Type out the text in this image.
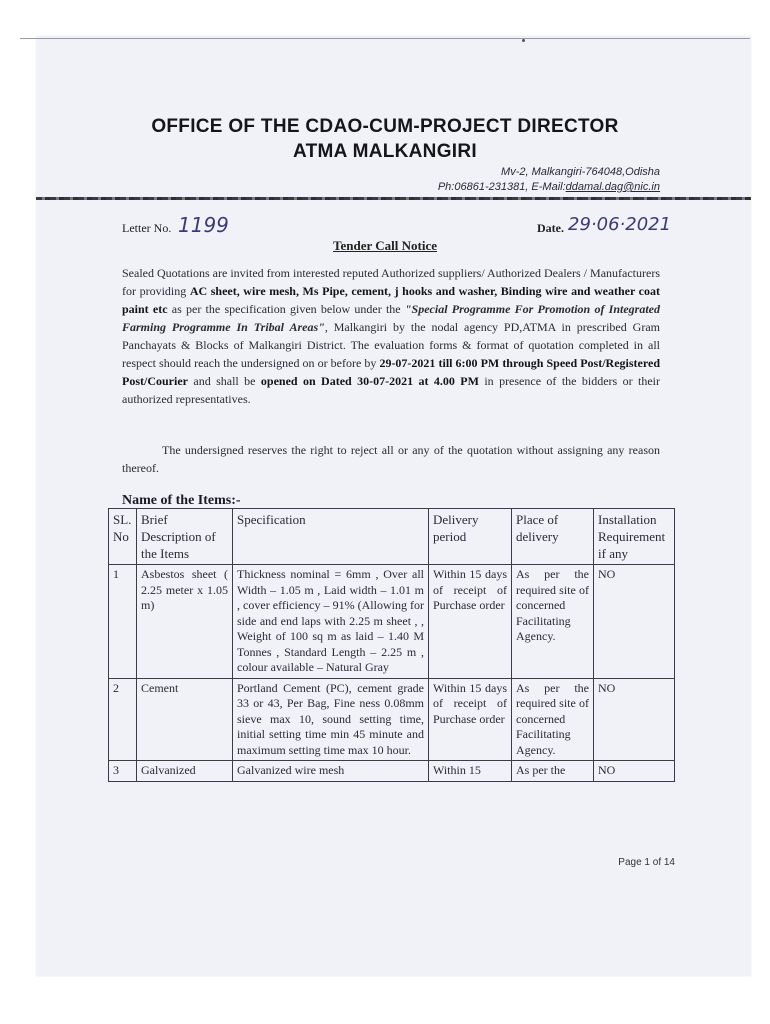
OFFICE OF THE CDAO-CUM-PROJECT DIRECTOR
ATMA MALKANGIRI
Mv-2, Malkangiri-764048,Odisha
Ph:06861-231381, E-Mail:ddamal.dag@nic.in
Letter No. 1199	Date. 29·06·2021
Tender Call Notice

Sealed Quotations are invited from interested reputed Authorized suppliers/ Authorized Dealers / Manufacturers for providing AC sheet, wire mesh, Ms Pipe, cement, j hooks and washer, Binding wire and weather coat paint etc as per the specification given below under the "Special Programme For Promotion of Integrated Farming Programme In Tribal Areas", Malkangiri by the nodal agency PD,ATMA in prescribed Gram Panchayats & Blocks of Malkangiri District. The evaluation forms & format of quotation completed in all respect should reach the undersigned on or before by 29-07-2021 till 6:00 PM through Speed Post/Registered Post/Courier and shall be opened on Dated 30-07-2021 at 4.00 PM in presence of the bidders or their authorized representatives.

The undersigned reserves the right to reject all or any of the quotation without assigning any reason thereof.

Name of the Items:-
SL. No	Brief Description of the Items	Specification	Delivery period	Place of delivery	Installation Requirement if any
1	Asbestos sheet ( 2.25 meter x 1.05 m)	Thickness nominal = 6mm , Over all Width – 1.05 m , Laid width – 1.01 m , cover efficiency – 91% (Allowing for side and end laps with 2.25 m sheet , , Weight of 100 sq m as laid – 1.40 M Tonnes , Standard Length – 2.25 m , colour available – Natural Gray	Within 15 days of receipt of Purchase order	As per the required site of concerned Facilitating Agency.	NO
2	Cement	Portland Cement (PC), cement grade 33 or 43, Per Bag, Fine ness 0.08mm sieve max 10, sound setting time, initial setting time min 45 minute and maximum setting time max 10 hour.	Within 15 days of receipt of Purchase order	As per the required site of concerned Facilitating Agency.	NO
3	Galvanized	Galvanized wire mesh	Within 15	As per the	NO
Page 1 of 14
